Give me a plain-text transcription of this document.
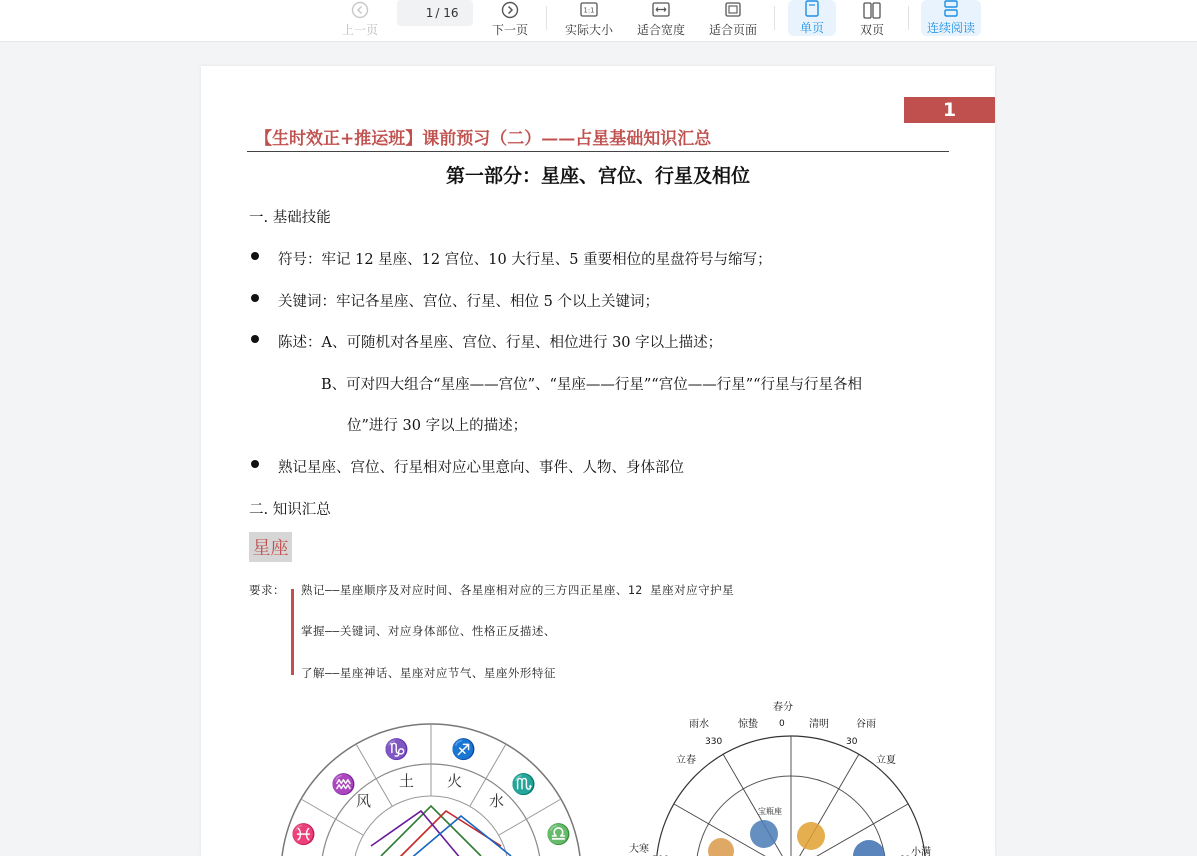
上一页
1
/ 16
下一页
1:1
实际大小 适合宽度 适合页面	单页	双页	连续阅读
1
【生时效正+推运班】课前预习（二）——占星基础知识汇总
第一部分：星座、宫位、行星及相位
一. 基础技能
符号：牢记 12 星座、12 宫位、10 大行星、5 重要相位的星盘符号与缩写；
关键词：牢记各星座、宫位、行星、相位 5 个以上关键词；
陈述：A、可随机对各星座、宫位、行星、相位进行 30 字以上描述；
B、可对四大组合“星座——宫位”、“星座——行星”“宫位——行星”“行星与行星各相
位”进行 30 字以上的描述；
熟记星座、宫位、行星相对应心里意向、事件、人物、身体部位
二. 知识汇总
星座
要求： 熟记——星座顺序及对应时间、各星座相对应的三方四正星座、12 星座对应守护星
掌握——关键词、对应身体部位、性格正反描述、
了解——星座神话、星座对应节气、星座外形特征
♑ ♐
♏
♒
♓	♎
土 火
风	水
春分
雨水	惊蛰	清明	谷雨
立春	立夏
大寒	小满
0
330	30
宝瓶座
